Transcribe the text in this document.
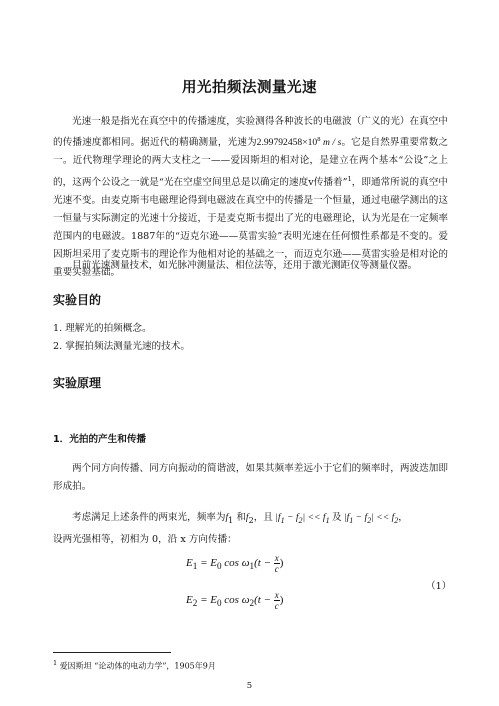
用光拍频法测量光速
光速一般是指光在真空中的传播速度，实验测得各种波长的电磁波（广义的光）在真空中的传播速度都相同。据近代的精确测量，光速为$2.99792458\times 10^8$ m / s。它是自然界重要常数之一。近代物理学理论的两大支柱之一——爱因斯坦的相对论，是建立在两个基本“公设”之上的，这两个公设之一就是“光在空虚空间里总是以确定的速度v传播着”$^1$，即通常所说的真空中光速不变。由麦克斯韦电磁理论得到电磁波在真空中的传播是一个恒量，通过电磁学测出的这一恒量与实际测定的光速十分接近，于是麦克斯韦提出了光的电磁理论，认为光是在一定频率范围内的电磁波。1887年的“迈克尔逊——莫雷实验”表明光速在任何惯性系都是不变的。爱因斯坦采用了麦克斯韦的理论作为他相对论的基础之一，而迈克尔逊——莫雷实验是相对论的重要实验基础。
目前光速测量技术，如光脉冲测量法、相位法等，还用于激光测距仪等测量仪器。
实验目的
1. 理解光的拍频概念。
2. 掌握拍频法测量光速的技术。
实验原理
1．光拍的产生和传播
两个同方向传播、同方向振动的简谐波，如果其频率差远小于它们的频率时，两波迭加即形成拍。
考虑满足上述条件的两束光，频率为$f_1$ 和$f_2$，且 $|f_1 - f_2| << f_1$ 及 $|f_1 - f_2| << f_2$，
设两光强相等，初相为 0，沿 x 方向传播：
$E_1 = E_0$ $\cos \omega_1(t - \frac{x}{c}$ )
$E_2 = E_0$ $\cos \omega_2(t - \frac{x}{c}$ )
（1）
$^1$ 爱因斯坦 “论动体的电动力学”，1905年9月
5
